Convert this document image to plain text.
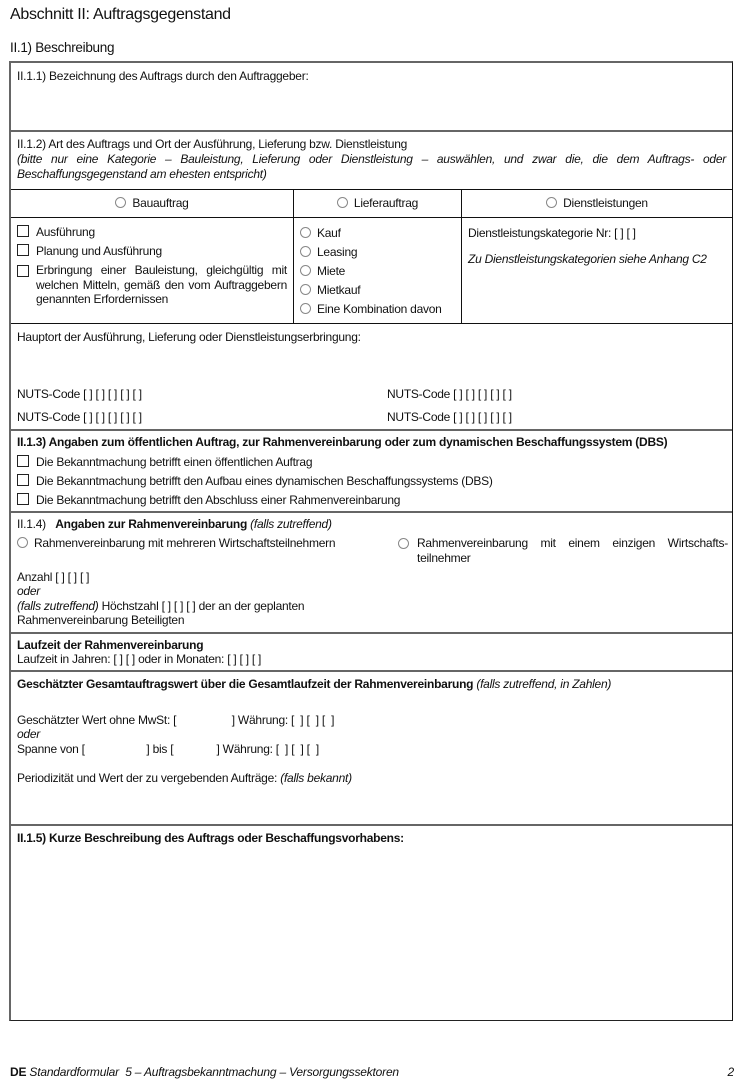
Abschnitt II: Auftragsgegenstand
II.1) Beschreibung
II.1.1) Bezeichnung des Auftrags durch den Auftraggeber:
II.1.2) Art des Auftrags und Ort der Ausführung, Lieferung bzw. Dienstleistung
(bitte nur eine Kategorie – Bauleistung, Lieferung oder Dienstleistung – auswählen, und zwar die, die dem Auftrags- oder Beschaffungsgegenstand am ehesten entspricht)
Bauauftrag	Lieferauftrag	Dienstleistungen
Ausführung
Planung und Ausführung
Erbringung einer Bauleistung, gleichgültig mit welchen Mitteln, gemäß den vom Auftraggebern genannten Erfordernissen
Kauf
Leasing
Miete
Mietkauf
Eine Kombination davon
Dienstleistungskategorie Nr: [ ] [ ]
Zu Dienstleistungskategorien siehe Anhang C2
Hauptort der Ausführung, Lieferung oder Dienstleistungserbringung:
NUTS-Code [ ] [ ] [ ] [ ] [ ]	NUTS-Code [ ] [ ] [ ] [ ] [ ]
NUTS-Code [ ] [ ] [ ] [ ] [ ]	NUTS-Code [ ] [ ] [ ] [ ] [ ]
II.1.3) Angaben zum öffentlichen Auftrag, zur Rahmenvereinbarung oder zum dynamischen Beschaffungssystem (DBS)
Die Bekanntmachung betrifft einen öffentlichen Auftrag
Die Bekanntmachung betrifft den Aufbau eines dynamischen Beschaffungssystems (DBS)
Die Bekanntmachung betrifft den Abschluss einer Rahmenvereinbarung
II.1.4) Angaben zur Rahmenvereinbarung (falls zutreffend)
Rahmenvereinbarung mit mehreren Wirtschaftsteilnehmern	Rahmenvereinbarung mit einem einzigen Wirtschafts-teilnehmer
Anzahl [ ] [ ] [ ]
oder
(falls zutreffend) Höchstzahl [ ] [ ] [ ] der an der geplanten
Rahmenvereinbarung Beteiligten
Laufzeit der Rahmenvereinbarung
Laufzeit in Jahren: [ ] [ ] oder in Monaten: [ ] [ ] [ ]
Geschätzter Gesamtauftragswert über die Gesamtlaufzeit der Rahmenvereinbarung (falls zutreffend, in Zahlen)
Geschätzter Wert ohne MwSt: [                  ] Währung: [  ] [  ] [  ]
oder
Spanne von [                    ] bis [              ] Währung: [  ] [  ] [  ]
Periodizität und Wert der zu vergebenden Aufträge: (falls bekannt)
II.1.5) Kurze Beschreibung des Auftrags oder Beschaffungsvorhabens:
DE Standardformular  5 – Auftragsbekanntmachung – Versorgungssektoren	2
